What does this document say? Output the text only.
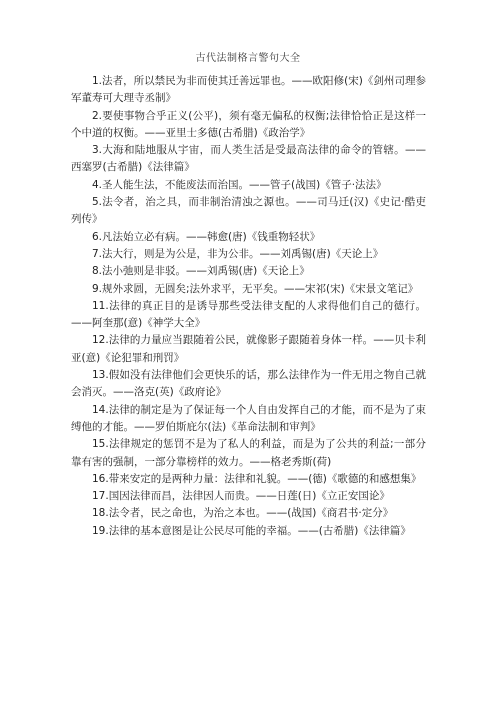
古代法制格言警句大全
1.法者，所以禁民为非而使其迁善远罪也。——欧阳修(宋)《剑州司理参军董寿可大理寺丞制》
2.要使事物合乎正义(公平)，须有毫无偏私的权衡;法律恰恰正是这样一个中道的权衡。——亚里士多德(古希腊)《政治学》
3.大海和陆地服从宇宙，而人类生活是受最高法律的命令的管辖。——西塞罗(古希腊)《法律篇》
4.圣人能生法，不能废法而治国。——管子(战国)《管子·法法》
5.法令者，治之具，而非制治清浊之源也。——司马迁(汉)《史记·酷吏列传》
6.凡法始立必有病。——韩愈(唐)《钱重物轻状》
7.法大行，则是为公是，非为公非。——刘禹锡(唐)《天论上》
8.法小弛则是非驳。——刘禹锡(唐)《天论上》
9.规外求圆，无圆矣;法外求平，无平矣。——宋祁(宋)《宋景文笔记》
11.法律的真正目的是诱导那些受法律支配的人求得他们自己的德行。——阿奎那(意)《神学大全》
12.法律的力量应当跟随着公民，就像影子跟随着身体一样。——贝卡利亚(意)《论犯罪和刑罚》
13.假如没有法律他们会更快乐的话，那么法律作为一件无用之物自己就会消灭。——洛克(英)《政府论》
14.法律的制定是为了保证每一个人自由发挥自己的才能，而不是为了束缚他的才能。——罗伯斯庇尔(法)《革命法制和审判》
15.法律规定的惩罚不是为了私人的利益，而是为了公共的利益;一部分靠有害的强制，一部分靠榜样的效力。——格老秀斯(荷)
16.带来安定的是两种力量：法律和礼貌。——(德)《歌德的和感想集》
17.国因法律而昌，法律因人而贵。——日莲(日)《立正安国论》
18.法令者，民之命也，为治之本也。——(战国)《商君书·定分》
19.法律的基本意图是让公民尽可能的幸福。——(古希腊)《法律篇》
